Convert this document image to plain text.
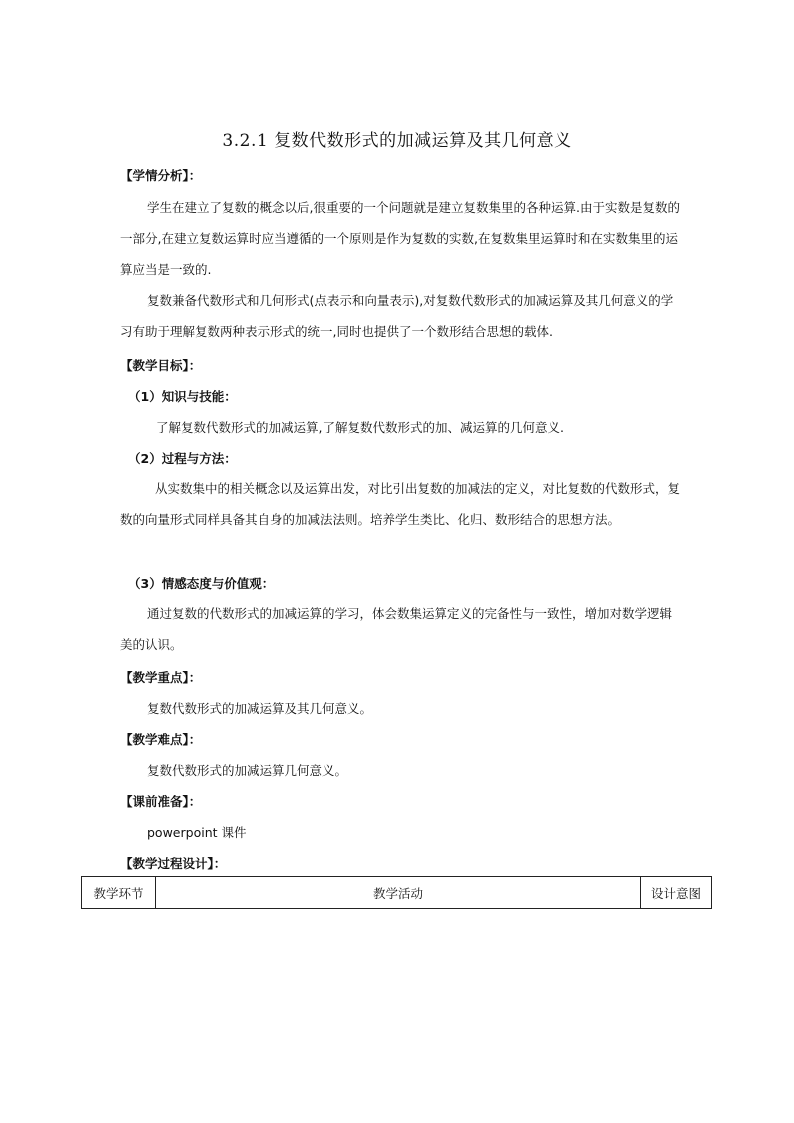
3.2.1 复数代数形式的加减运算及其几何意义
【学情分析】：

学生在建立了复数的概念以后,很重要的一个问题就是建立复数集里的各种运算.由于实数是复数的一部分,在建立复数运算时应当遵循的一个原则是作为复数的实数,在复数集里运算时和在实数集里的运算应当是一致的.

复数兼备代数形式和几何形式(点表示和向量表示),对复数代数形式的加减运算及其几何意义的学习有助于理解复数两种表示形式的统一,同时也提供了一个数形结合思想的载体.

【教学目标】：
（1）知识与技能：
了解复数代数形式的加减运算,了解复数代数形式的加、减运算的几何意义.
（2）过程与方法：

从实数集中的相关概念以及运算出发，对比引出复数的加减法的定义，对比复数的代数形式，复数的向量形式同样具备其自身的加减法法则。培养学生类比、化归、数形结合的思想方法。

（3）情感态度与价值观：

通过复数的代数形式的加减运算的学习，体会数集运算定义的完备性与一致性，增加对数学逻辑美的认识。

【教学重点】：
复数代数形式的加减运算及其几何意义。
【教学难点】：
复数代数形式的加减运算几何意义。
【课前准备】：
powerpoint 课件
【教学过程设计】：
教学环节	教学活动	设计意图
